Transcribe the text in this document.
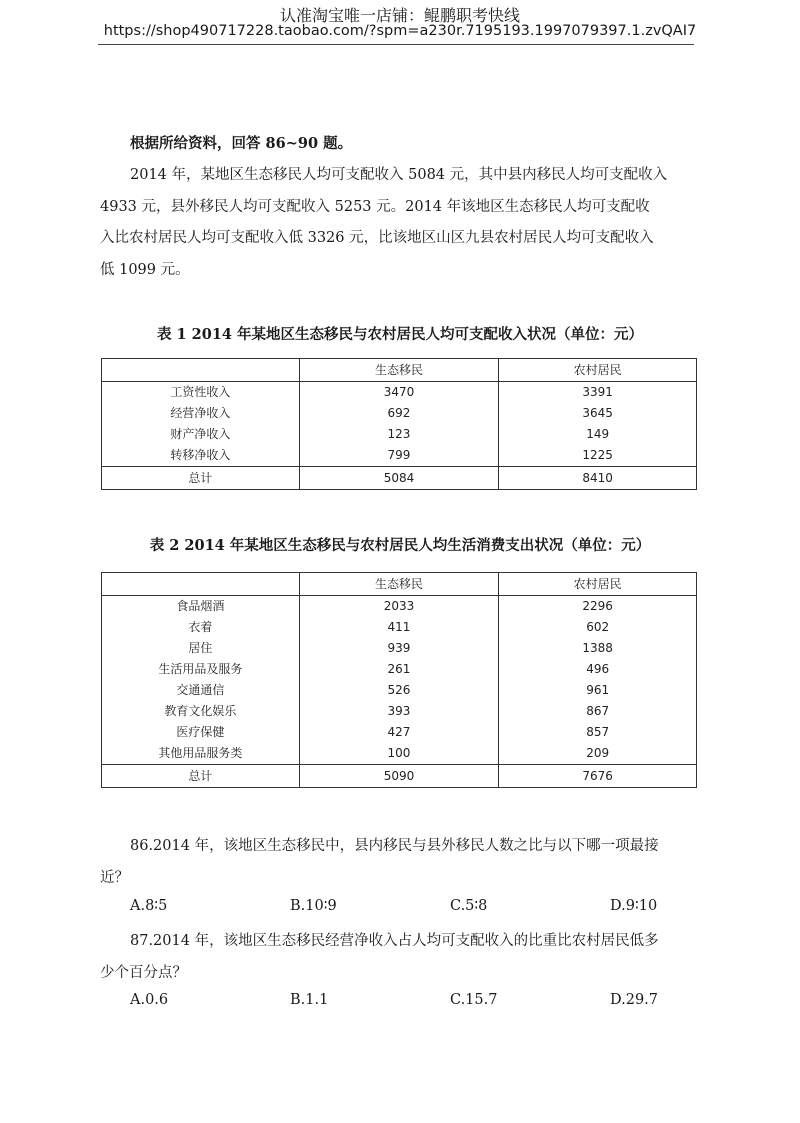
认准淘宝唯一店铺：鲲鹏职考快线
https://shop490717228.taobao.com/?spm=a230r.7195193.1997079397.1.zvQAI7
根据所给资料，回答 86~90 题。
2014 年，某地区生态移民人均可支配收入 5084 元，其中县内移民人均可支配收入
4933 元，县外移民人均可支配收入 5253 元。2014 年该地区生态移民人均可支配收
入比农村居民人均可支配收入低 3326 元，比该地区山区九县农村居民人均可支配收入
低 1099 元。
表 1 2014 年某地区生态移民与农村居民人均可支配收入状况（单位：元）
	生态移民	农村居民
工资性收入	3470	3391
经营净收入	692	3645
财产净收入	123	149
转移净收入	799	1225
总计	5084	8410
表 2 2014 年某地区生态移民与农村居民人均生活消费支出状况（单位：元）
	生态移民	农村居民
食品烟酒	2033	2296
衣着	411	602
居住	939	1388
生活用品及服务	261	496
交通通信	526	961
教育文化娱乐	393	867
医疗保健	427	857
其他用品服务类	100	209
总计	5090	7676
86.2014 年，该地区生态移民中，县内移民与县外移民人数之比与以下哪一项最接
近？
A.8∶5	B.10∶9	C.5∶8	D.9∶10
87.2014 年，该地区生态移民经营净收入占人均可支配收入的比重比农村居民低多
少个百分点？
A.0.6	B.1.1	C.15.7	D.29.7
